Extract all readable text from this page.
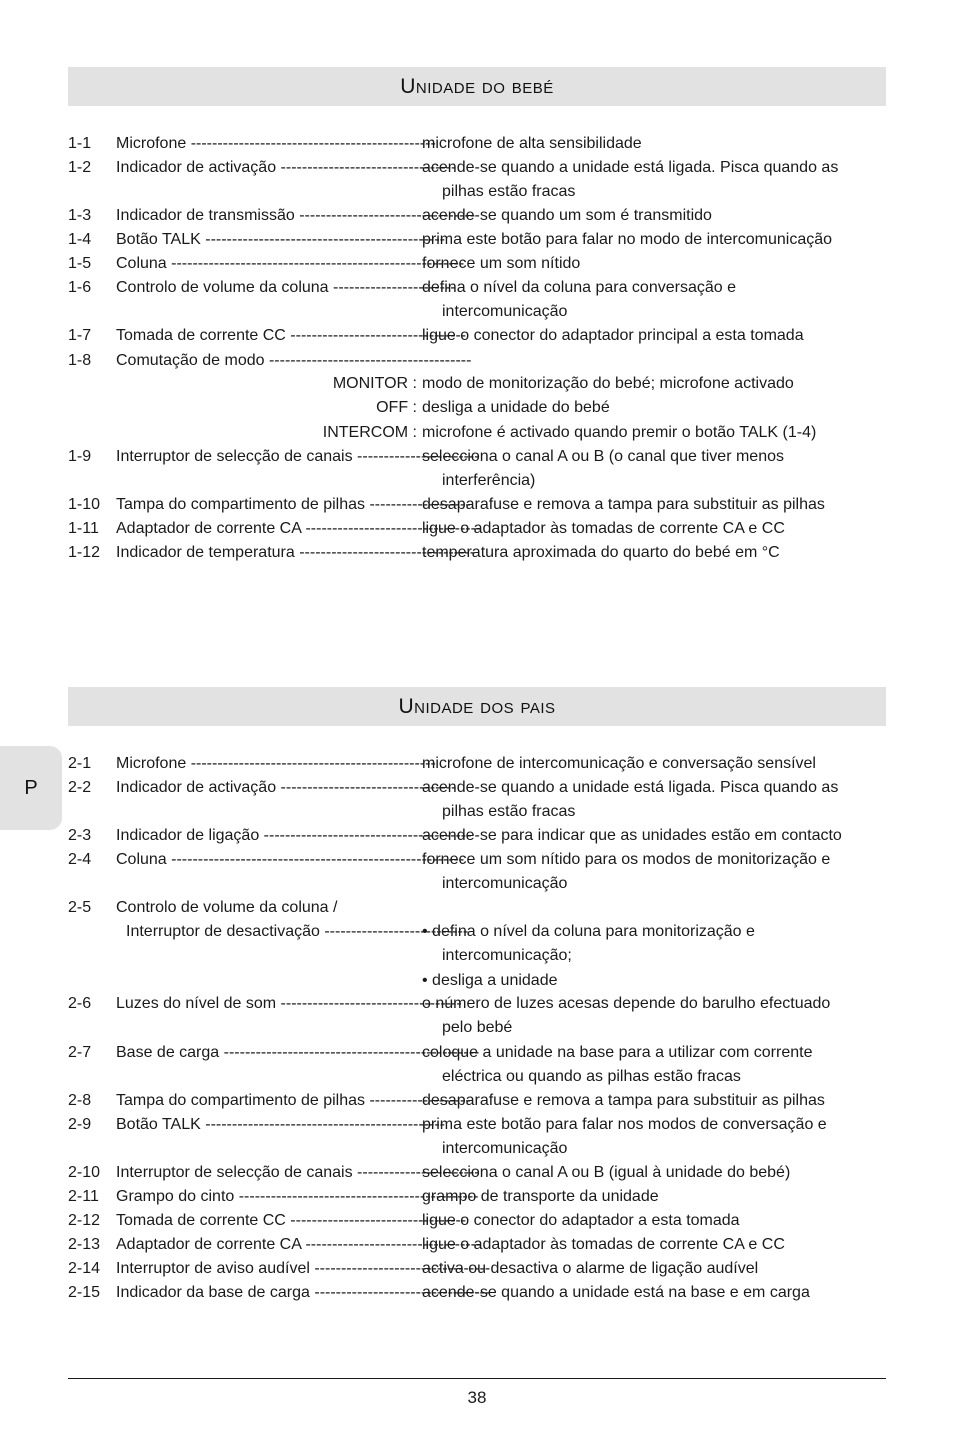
Unidade do bebé
1-1 Microfone ----------------------------------------------
microfone de alta sensibilidade
1-2 Indicador de activação ---------------------------------
acende-se quando a unidade está ligada. Pisca quando as
pilhas estão fracas
1-3 Indicador de transmissão ---------------------------------
acende-se quando um som é transmitido
1-4 Botão TALK ---------------------------------------------
prima este botão para falar no modo de intercomunicação
1-5 Coluna -------------------------------------------------------
fornece um som nítido
1-6 Controlo de volume da coluna -----------------------
defina o nível da coluna para conversação e
intercomunicação
1-7 Tomada de corrente CC ---------------------------------
ligue o conector do adaptador principal a esta tomada
1-8 Comutação de modo --------------------------------------
MONITOR : modo de monitorização do bebé; microfone activado
OFF : desliga a unidade do bebé
INTERCOM : microfone é activado quando premir o botão TALK (1-4)
1-9 Interruptor de selecção de canais -----------------------
selecciona o canal A ou B (o canal que tiver menos
interferência)
1-10 Tampa do compartimento de pilhas -------------------
desaparafuse e remova a tampa para substituir as pilhas
1-11 Adaptador de corrente CA ---------------------------------
ligue o adaptador às tomadas de corrente CA e CC
1-12 Indicador de temperatura ---------------------------------
temperatura aproximada do quarto do bebé em °C
Unidade dos pais
P
2-1 Microfone ----------------------------------------------
microfone de intercomunicação e conversação sensível
2-2 Indicador de activação ---------------------------------
acende-se quando a unidade está ligada. Pisca quando as
pilhas estão fracas
2-3 Indicador de ligação ---------------------------------------
acende-se para indicar que as unidades estão em contacto
2-4 Coluna -------------------------------------------------------
fornece um som nítido para os modos de monitorização e
intercomunicação
2-5 Controlo de volume da coluna /
Interruptor de desactivação ---------------------------
• defina o nível da coluna para monitorização e
intercomunicação;
• desliga a unidade
2-6 Luzes do nível de som ----------------------------------
o número de luzes acesas depende do barulho efectuado
pelo bebé
2-7 Base de carga ------------------------------------------------
coloque a unidade na base para a utilizar com corrente
eléctrica ou quando as pilhas estão fracas
2-8 Tampa do compartimento de pilhas -------------------
desaparafuse e remova a tampa para substituir as pilhas
2-9 Botão TALK ---------------------------------------------
prima este botão para falar nos modos de conversação e
intercomunicação
2-10 Interruptor de selecção de canais -----------------------
selecciona o canal A ou B (igual à unidade do bebé)
2-11 Grampo do cinto ---------------------------------------------
grampo de transporte da unidade
2-12 Tomada de corrente CC ---------------------------------
ligue o conector do adaptador a esta tomada
2-13 Adaptador de corrente CA ---------------------------------
ligue o adaptador às tomadas de corrente CA e CC
2-14 Interruptor de aviso audível ---------------------------------
activa ou desactiva o alarme de ligação audível
2-15 Indicador da base de carga ---------------------------------
acende-se quando a unidade está na base e em carga
38
